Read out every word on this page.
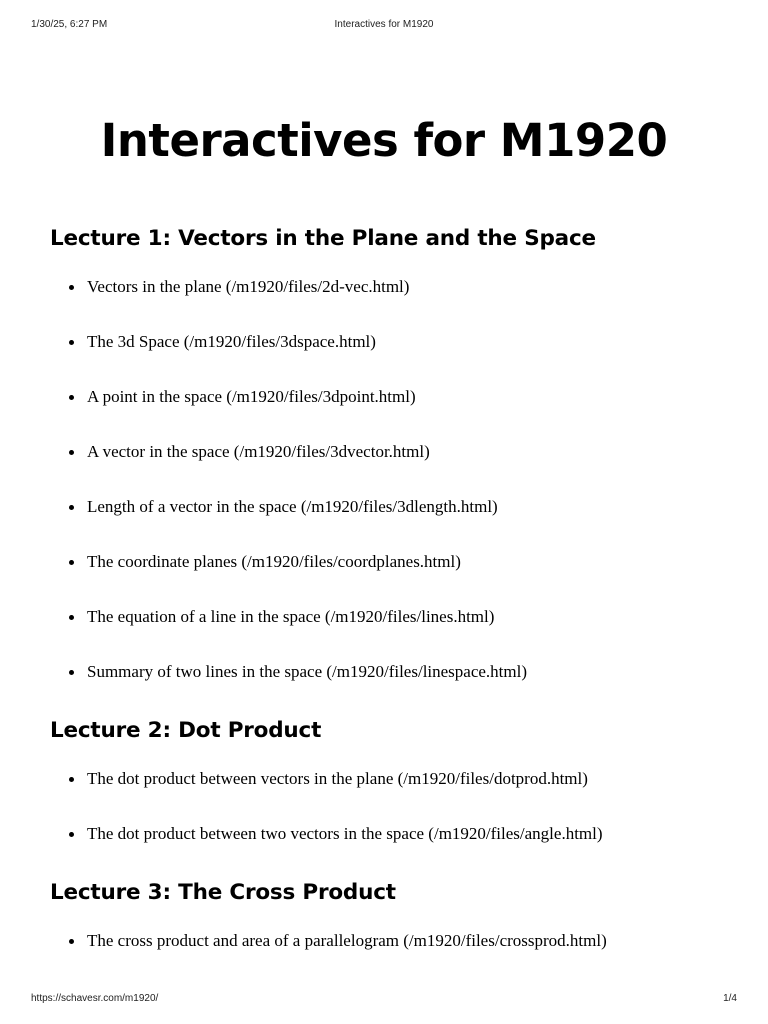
1/30/25, 6:27 PM	Interactives for M1920
Interactives for M1920
Lecture 1: Vectors in the Plane and the Space
Vectors in the plane (/m1920/files/2d-vec.html)
The 3d Space (/m1920/files/3dspace.html)
A point in the space (/m1920/files/3dpoint.html)
A vector in the space (/m1920/files/3dvector.html)
Length of a vector in the space (/m1920/files/3dlength.html)
The coordinate planes (/m1920/files/coordplanes.html)
The equation of a line in the space (/m1920/files/lines.html)
Summary of two lines in the space (/m1920/files/linespace.html)
Lecture 2: Dot Product
The dot product between vectors in the plane (/m1920/files/dotprod.html)
The dot product between two vectors in the space (/m1920/files/angle.html)
Lecture 3: The Cross Product
The cross product and area of a parallelogram (/m1920/files/crossprod.html)
https://schavesr.com/m1920/	1/4
